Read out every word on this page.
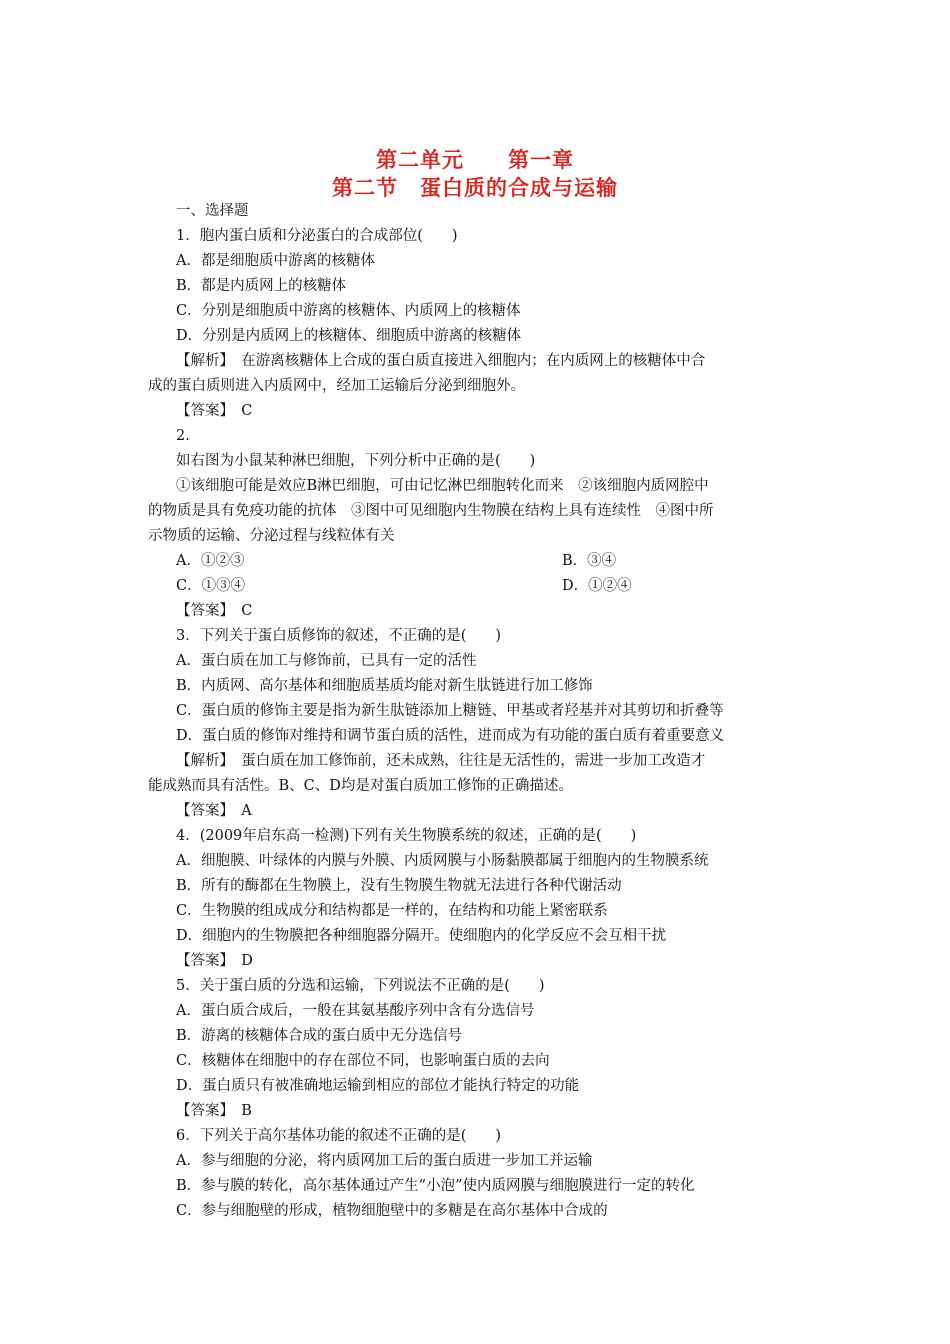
第二单元　　第一章
第二节　蛋白质的合成与运输
一、选择题
1．胞内蛋白质和分泌蛋白的合成部位(　　)
A．都是细胞质中游离的核糖体
B．都是内质网上的核糖体
C．分别是细胞质中游离的核糖体、内质网上的核糖体
D．分别是内质网上的核糖体、细胞质中游离的核糖体
【解析】　在游离核糖体上合成的蛋白质直接进入细胞内；在内质网上的核糖体中合
成的蛋白质则进入内质网中，经加工运输后分泌到细胞外。
【答案】　C
2.
如右图为小鼠某种淋巴细胞，下列分析中正确的是(　　)
①该细胞可能是效应B淋巴细胞，可由记忆淋巴细胞转化而来　②该细胞内质网腔中
的物质是具有免疫功能的抗体　③图中可见细胞内生物膜在结构上具有连续性　④图中所
示物质的运输、分泌过程与线粒体有关
A．①②③	B．③④
C．①③④	D．①②④
【答案】　C
3．下列关于蛋白质修饰的叙述，不正确的是(　　)
A．蛋白质在加工与修饰前，已具有一定的活性
B．内质网、高尔基体和细胞质基质均能对新生肽链进行加工修饰
C．蛋白质的修饰主要是指为新生肽链添加上糖链、甲基或者羟基并对其剪切和折叠等
D．蛋白质的修饰对维持和调节蛋白质的活性，进而成为有功能的蛋白质有着重要意义
【解析】　蛋白质在加工修饰前，还未成熟，往往是无活性的，需进一步加工改造才
能成熟而具有活性。B、C、D均是对蛋白质加工修饰的正确描述。
【答案】　A
4．(2009年启东高一检测)下列有关生物膜系统的叙述，正确的是(　　)
A．细胞膜、叶绿体的内膜与外膜、内质网膜与小肠黏膜都属于细胞内的生物膜系统
B．所有的酶都在生物膜上，没有生物膜生物就无法进行各种代谢活动
C．生物膜的组成成分和结构都是一样的，在结构和功能上紧密联系
D．细胞内的生物膜把各种细胞器分隔开。使细胞内的化学反应不会互相干扰
【答案】　D
5．关于蛋白质的分选和运输，下列说法不正确的是(　　)
A．蛋白质合成后，一般在其氨基酸序列中含有分选信号
B．游离的核糖体合成的蛋白质中无分选信号
C．核糖体在细胞中的存在部位不同，也影响蛋白质的去向
D．蛋白质只有被准确地运输到相应的部位才能执行特定的功能
【答案】　B
6．下列关于高尔基体功能的叙述不正确的是(　　)
A．参与细胞的分泌，将内质网加工后的蛋白质进一步加工并运输
B．参与膜的转化，高尔基体通过产生“小泡”使内质网膜与细胞膜进行一定的转化
C．参与细胞壁的形成，植物细胞壁中的多糖是在高尔基体中合成的
